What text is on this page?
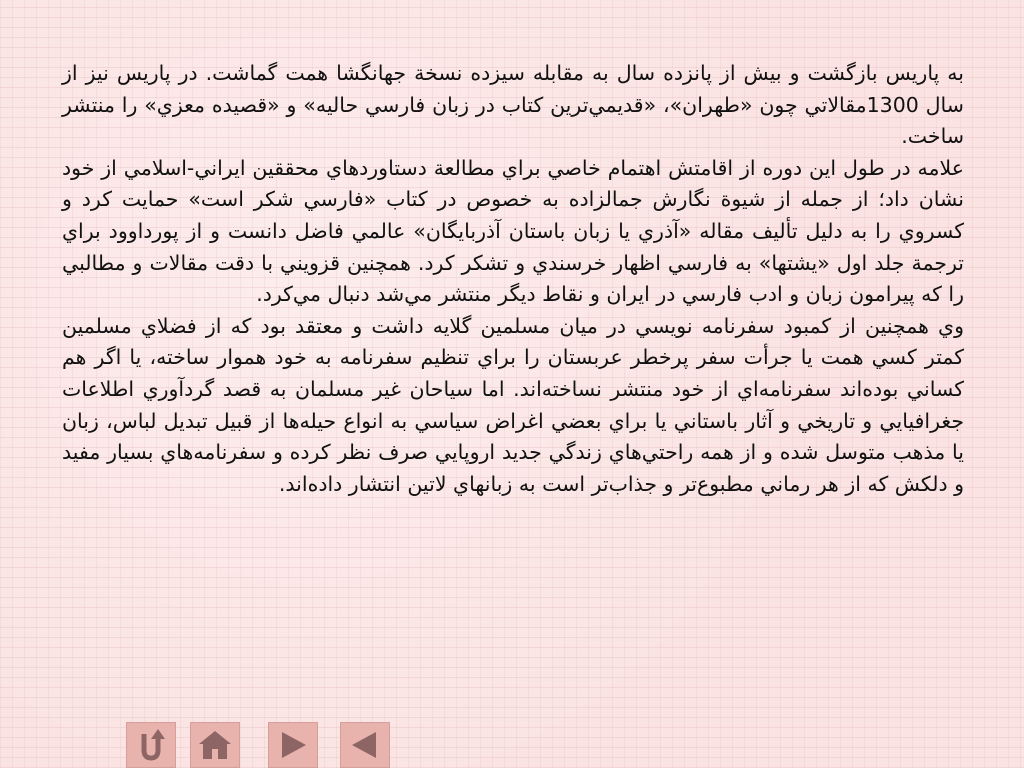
به پاريس بازگشت و بيش از پانزده سال به مقابله سيزده نسخة جهانگشا همت گماشت. در پاريس نيز از سال 1300مقالاتي چون «طهران»، «قديمي‌ترين كتاب در زبان فارسي حاليه» و «قصيده معزي» را منتشر ساخت.

علامه در طول اين دوره از اقامتش اهتمام خاصي براي مطالعة دستاوردهاي محققين ايراني-اسلامي از خود نشان داد؛ از جمله از شيوة نگارش جمالزاده به خصوص در كتاب «فارسي شكر است» حمايت كرد و كسروي را به دليل تأليف مقاله «آذري يا زبان باستان آذربايگان» عالمي فاضل دانست و از پورداوود براي ترجمة جلد اول «يشتها» به فارسي اظهار خرسندي و تشكر كرد. همچنين قزويني با دقت مقالات و مطالبي را كه پيرامون زبان و ادب فارسي در ايران و نقاط ديگر منتشر مي‌شد دنبال مي‌كرد.

وي همچنين از كمبود سفرنامه نويسي در ميان مسلمين گلايه داشت و معتقد بود كه از فضلاي مسلمين كمتر كسي همت يا جرأت سفر پرخطر عربستان را براي تنظيم سفرنامه به خود هموار ساخته، يا اگر هم كساني بوده‌اند سفرنامه‌اي از خود منتشر نساخته‌اند. اما سياحان غير مسلمان به قصد گردآوري اطلاعات جغرافيايي و تاريخي و آثار باستاني يا براي بعضي اغراض سياسي به انواع حيله‌ها از قبيل تبديل لباس، زبان يا مذهب متوسل شده و از همه راحتي‌هاي زندگي جديد اروپايي صرف نظر كرده و سفرنامه‌هاي بسيار مفيد و دلكش كه از هر رماني مطبوع‌تر و جذاب‌تر است به زبانهاي لاتين انتشار داده‌اند.
